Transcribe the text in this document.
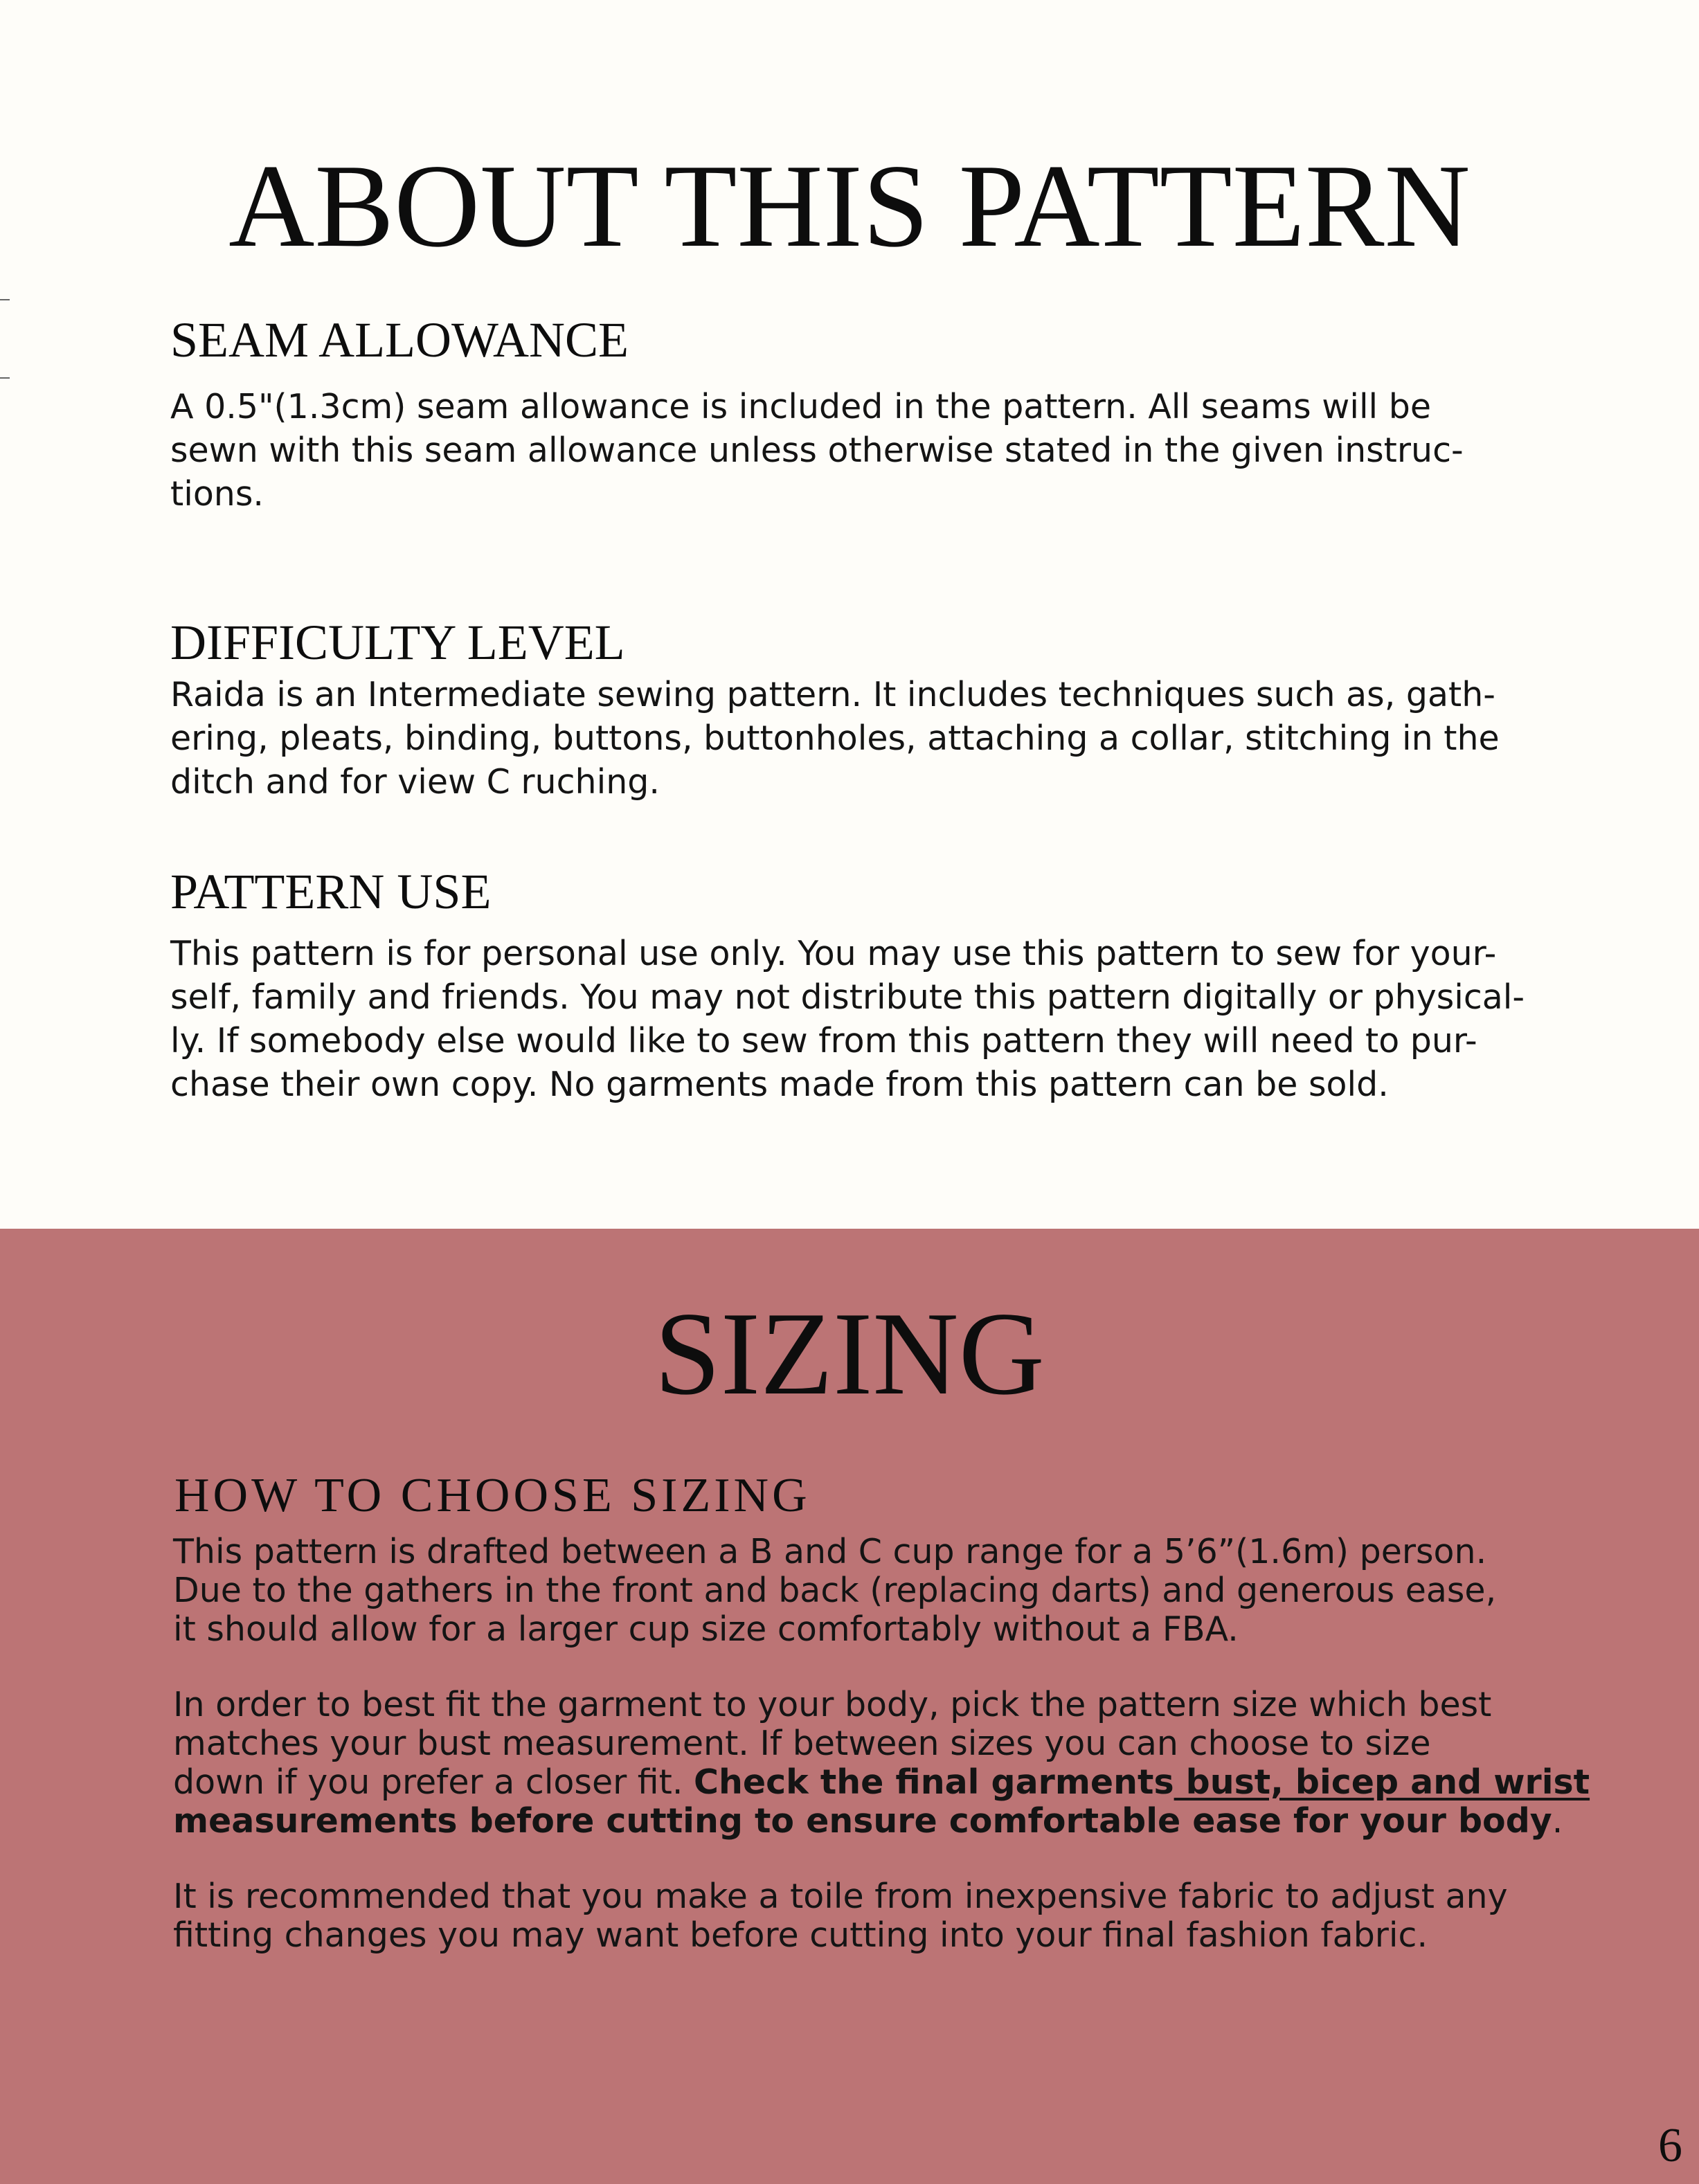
ABOUT THIS PATTERN
SEAM ALLOWANCE

A 0.5"(1.3cm) seam allowance is included in the pattern. All seams will be
sewn with this seam allowance unless otherwise stated in the given instruc-
tions.

DIFFICULTY LEVEL

Raida is an Intermediate sewing pattern. It includes techniques such as, gath-
ering, pleats, binding, buttons, buttonholes, attaching a collar, stitching in the
ditch and for view C ruching.

PATTERN USE

This pattern is for personal use only. You may use this pattern to sew for your-
self, family and friends. You may not distribute this pattern digitally or physical-
ly. If somebody else would like to sew from this pattern they will need to pur-
chase their own copy. No garments made from this pattern can be sold.

SIZING
HOW TO CHOOSE SIZING

This pattern is drafted between a B and C cup range for a 5’6”(1.6m) person.
Due to the gathers in the front and back (replacing darts) and generous ease,
it should allow for a larger cup size comfortably without a FBA.

In order to best fit the garment to your body, pick the pattern size which best
matches your bust measurement. If between sizes you can choose to size
down if you prefer a closer fit. Check the final garments bust, bicep and wrist
measurements before cutting to ensure comfortable ease for your body.

It is recommended that you make a toile from inexpensive fabric to adjust any
fitting changes you may want before cutting into your final fashion fabric.

6
